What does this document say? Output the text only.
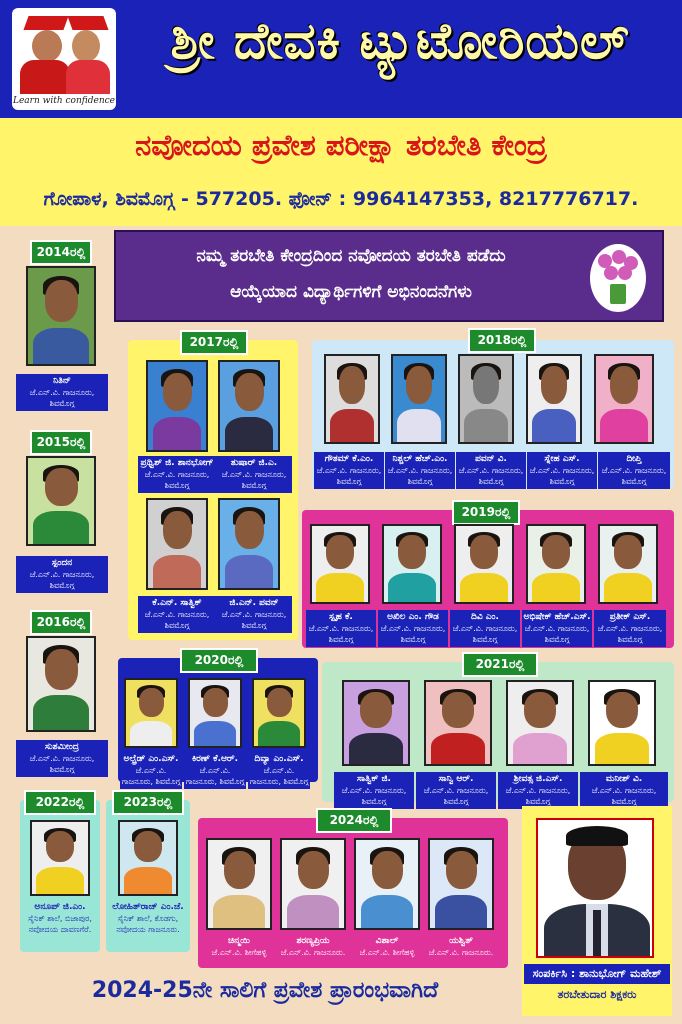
Learn with confidence
ಶ್ರೀ ದೇವಕಿ ಟ್ಯುಟೋರಿಯಲ್
ನವೋದಯ ಪ್ರವೇಶ ಪರೀಕ್ಷಾ ತರಬೇತಿ ಕೇಂದ್ರ
ಗೋಪಾಳ, ಶಿವಮೊಗ್ಗ - 577205. ಫೋನ್ : 9964147353, 8217776717.
ನಮ್ಮ ತರಬೇತಿ ಕೇಂದ್ರದಿಂದ ನವೋದಯ ತರಬೇತಿ ಪಡೆದು
ಆಯ್ಕೆಯಾದ ವಿದ್ಯಾರ್ಥಿಗಳಿಗೆ ಅಭಿನಂದನೆಗಳು
2014ರಲ್ಲಿ
ನಿತಿನ್
ಜೆ.ಎನ್.ವಿ. ಗಾಜನೂರು, ಶಿವಮೊಗ್ಗ
2015ರಲ್ಲಿ
ಸ್ಪಂದನ
ಜೆ.ಎನ್.ವಿ. ಗಾಜನೂರು, ಶಿವಮೊಗ್ಗ
2016ರಲ್ಲಿ
ಸುಶಮೀಂದ್ರ
ಜೆ.ಎನ್.ವಿ. ಗಾಜನೂರು, ಶಿವಮೊಗ್ಗ
2017ರಲ್ಲಿ
ಪ್ರಥ್ವಿಶ್ ಜಿ. ಶಾನಭೋಗ್
ಜೆ.ಎನ್.ವಿ. ಗಾಜನೂರು, ಶಿವಮೊಗ್ಗ
ತುಷಾರ್ ಜಿ.ಎ.
ಜೆ.ಎನ್.ವಿ. ಗಾಜನೂರು, ಶಿವಮೊಗ್ಗ
ಕೆ.ಎನ್. ಸಾತ್ವಿಕ್
ಜೆ.ಎನ್.ವಿ. ಗಾಜನೂರು, ಶಿವಮೊಗ್ಗ
ಜಿ.ಎನ್. ಪವನ್
ಜೆ.ಎನ್.ವಿ. ಗಾಜನೂರು, ಶಿವಮೊಗ್ಗ
2018ರಲ್ಲಿ
ಗೌತಮ್ ಕೆ.ಎಂ.
ಜೆ.ಎನ್.ವಿ. ಗಾಜನೂರು, ಶಿವಮೊಗ್ಗ
ನಿಶ್ಚಲ್ ಹೆಚ್.ಎಂ.
ಜೆ.ಎನ್.ವಿ. ಗಾಜನೂರು, ಶಿವಮೊಗ್ಗ
ಪವನ್ ವಿ.
ಜೆ.ಎನ್.ವಿ. ಗಾಜನೂರು, ಶಿವಮೊಗ್ಗ
ಸ್ನೇಹ ಎಸ್.
ಜೆ.ಎನ್.ವಿ. ಗಾಜನೂರು, ಶಿವಮೊಗ್ಗ
ದೀಪ್ತಿ
ಜೆ.ಎನ್.ವಿ. ಗಾಜನೂರು, ಶಿವಮೊಗ್ಗ
2019ರಲ್ಲಿ
ಸ್ಪೃಹ ಕೆ.
ಜೆ.ಎನ್.ವಿ. ಗಾಜನೂರು, ಶಿವಮೊಗ್ಗ
ಅಖಿಲ ಎಂ. ಗೌಡ
ಜೆ.ಎನ್.ವಿ. ಗಾಜನೂರು, ಶಿವಮೊಗ್ಗ
ದಿವಿ ಎಂ.
ಜೆ.ಎನ್.ವಿ. ಗಾಜನೂರು, ಶಿವಮೊಗ್ಗ
ಅಭಿಷೇಕ್ ಹೆಚ್.ಎಸ್.
ಜೆ.ಎನ್.ವಿ. ಗಾಜನೂರು, ಶಿವಮೊಗ್ಗ
ಪ್ರತೀಕ್ ಎಸ್.
ಜೆ.ಎನ್.ವಿ. ಗಾಜನೂರು, ಶಿವಮೊಗ್ಗ
2020ರಲ್ಲಿ
ಅಲ್ಫ್ರೆಡ್ ಎಂ.ಎಸ್.
ಜೆ.ಎನ್.ವಿ. ಗಾಜನೂರು, ಶಿವಮೊಗ್ಗ
ಕಿರಣ್ ಕೆ.ಆರ್.
ಜೆ.ಎನ್.ವಿ. ಗಾಜನೂರು, ಶಿವಮೊಗ್ಗ
ದಿವ್ಯಾ ಎಂ.ಎಸ್.
ಜೆ.ಎನ್.ವಿ. ಗಾಜನೂರು, ಶಿವಮೊಗ್ಗ
2021ರಲ್ಲಿ
ಸಾತ್ವಿಕ್ ಜಿ.
ಜೆ.ಎನ್.ವಿ. ಗಾಜನೂರು, ಶಿವಮೊಗ್ಗ
ಸಾನ್ವಿ ಆರ್.
ಜೆ.ಎನ್.ವಿ. ಗಾಜನೂರು, ಶಿವಮೊಗ್ಗ
ಶ್ರೀವತ್ಸ ಜಿ.ಎಸ್.
ಜೆ.ಎನ್.ವಿ. ಗಾಜನೂರು, ಶಿವಮೊಗ್ಗ
ಮನೀಶ್ ವಿ.
ಜೆ.ಎನ್.ವಿ. ಗಾಜನೂರು, ಶಿವಮೊಗ್ಗ
2022ರಲ್ಲಿ
ಅನೂಪ್ ಜಿ.ಎಂ.
ಸೈನಿಕ್ ಶಾಲೆ, ಬಿಜಾಪುರ, ನವೋದಯ ದಾವಣಗೆರೆ.
2023ರಲ್ಲಿ
ಲೋಹಿತ್‌ರಾಜ್ ಎಂ.ಜೆ.
ಸೈನಿಕ್ ಶಾಲೆ, ಕೊಡಗು, ನವೋದಯ ಗಾಜನೂರು.
2024ರಲ್ಲಿ
ಚಿನ್ಮಯಿ
ಜೆ.ಎನ್.ವಿ. ಶೀಗೆಹಳ್ಳಿ
ಶರಣ್ಯಪ್ರಿಯ
ಜೆ.ಎನ್.ವಿ. ಗಾಜನೂರು.
ವಿಶಾಲ್
ಜೆ.ಎನ್.ವಿ. ಶೀಗೆಹಳ್ಳಿ
ಯಶ್ವಿತ್
ಜೆ.ಎನ್.ವಿ. ಗಾಜನೂರು.
ಸಂಪರ್ಕಿಸಿ : ಶಾನುಭೋಗ್ ಮಹೇಶ್
ತರಬೇತುದಾರ ಶಿಕ್ಷಕರು
2024-25ನೇ ಸಾಲಿಗೆ ಪ್ರವೇಶ ಪ್ರಾರಂಭವಾಗಿದೆ
